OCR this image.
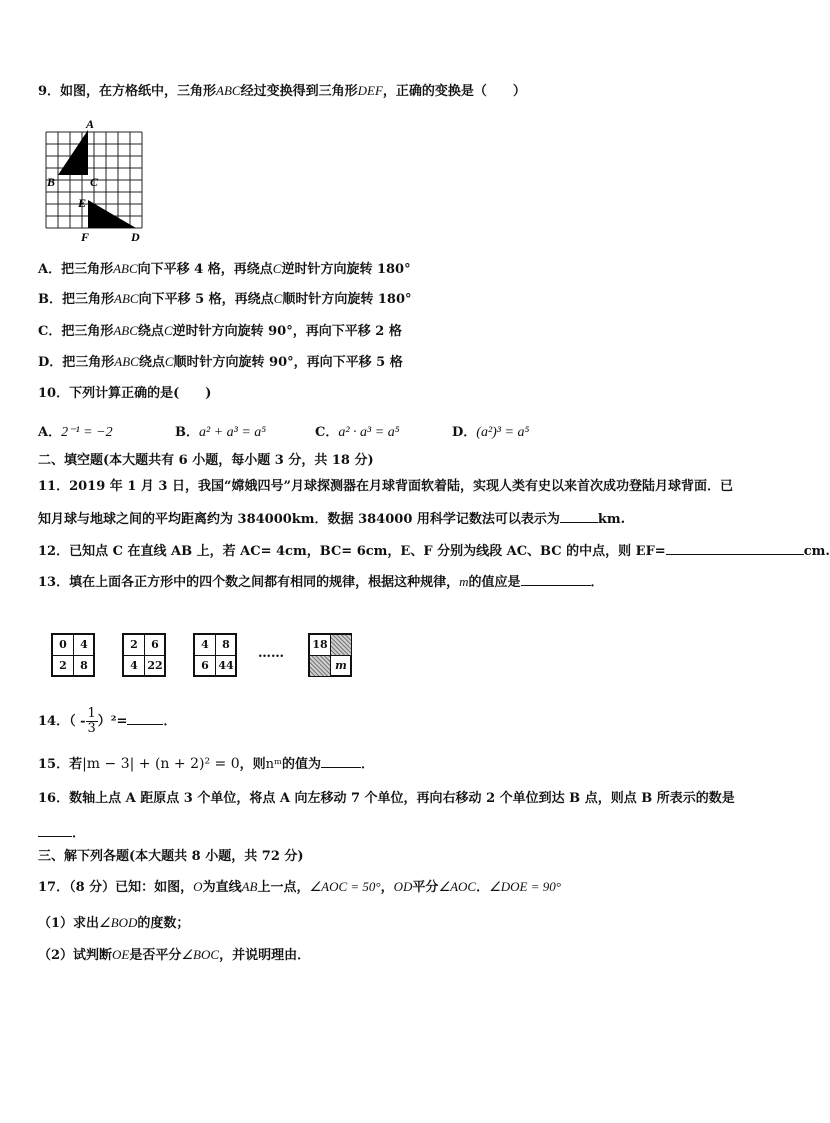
9．如图，在方格纸中，三角形ABC经过变换得到三角形DEF，正确的变换是（　　）
A
B	C
E
F	D
A．把三角形ABC向下平移 4 格，再绕点C逆时针方向旋转 180°
B．把三角形ABC向下平移 5 格，再绕点C顺时针方向旋转 180°
C．把三角形ABC绕点C逆时针方向旋转 90°，再向下平移 2 格
D．把三角形ABC绕点C顺时针方向旋转 90°，再向下平移 5 格
10．下列计算正确的是(　　)
A．2⁻¹ = −2	B．a² + a³ = a⁵	C．a² · a³ = a⁵	D．(a²)³ = a⁵
二、填空题(本大题共有 6 小题，每小题 3 分，共 18 分)
11．2019 年 1 月 3 日，我国“嫦娥四号”月球探测器在月球背面软着陆，实现人类有史以来首次成功登陆月球背面．已
知月球与地球之间的平均距离约为 384000km．数据 384000 用科学记数法可以表示为	km.
12．已知点 C 在直线 AB 上，若 AC= 4cm，BC= 6cm，E、F 分别为线段 AC、BC 的中点，则 EF=	cm.
13．填在上面各正方形中的四个数之间都有相同的规律，根据这种规律，m的值应是	．
0	4
2	8
2	6
4 22
4	8
6 44
……
18
m
14．（ - $\frac{1}{3} )^2=$	．
15．若|m − 3| + (n + 2)² = 0，则nᵐ的值为	．
16．数轴上点 A 距原点 3 个单位，将点 A 向左移动 7 个单位，再向右移动 2 个单位到达 B 点，则点 B 所表示的数是
．
三、解下列各题(本大题共 8 小题，共 72 分)
17．（8 分）已知：如图，O为直线AB上一点，∠AOC = 50°，OD平分∠AOC．∠DOE = 90°
（1）求出∠BOD的度数；
（2）试判断OE是否平分∠BOC，并说明理由．
